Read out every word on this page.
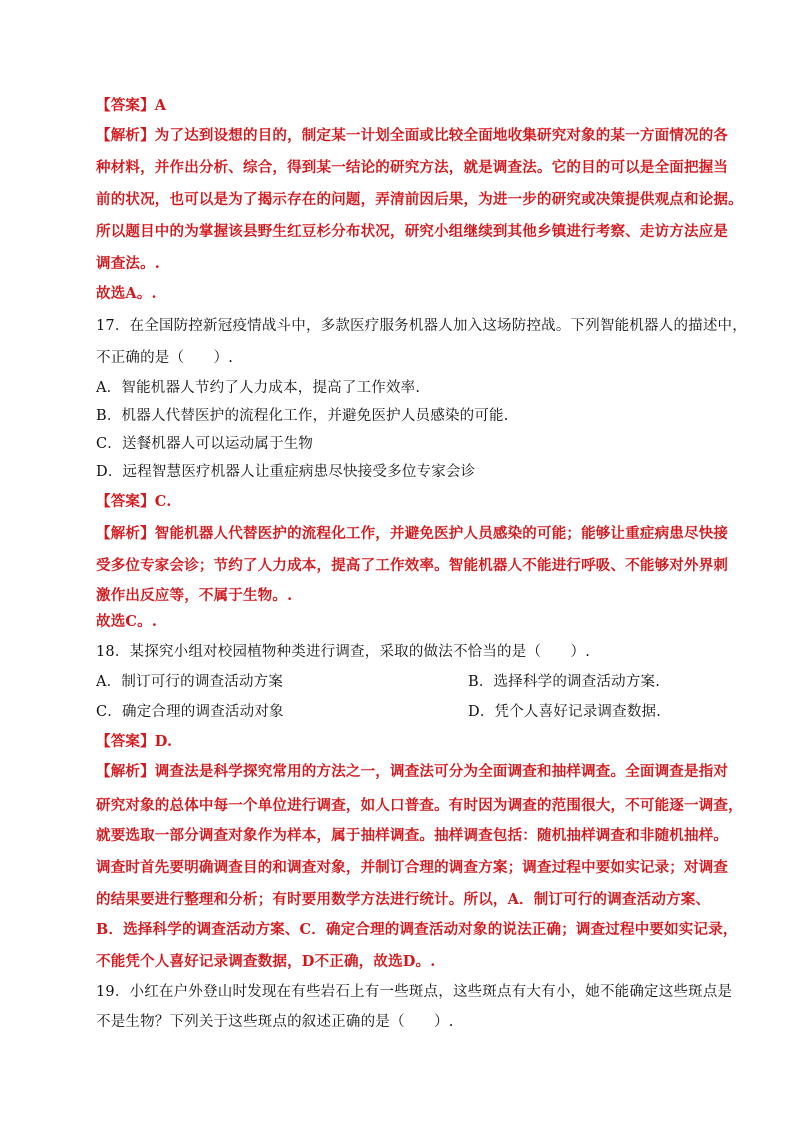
【答案】A
【解析】为了达到设想的目的，制定某一计划全面或比较全面地收集研究对象的某一方面情况的各
种材料，并作出分析、综合，得到某一结论的研究方法，就是调查法。它的目的可以是全面把握当
前的状况，也可以是为了揭示存在的问题，弄清前因后果，为进一步的研究或决策提供观点和论据。
所以题目中的为掌握该县野生红豆杉分布状况，研究小组继续到其他乡镇进行考察、走访方法应是
调查法。.
故选A。.
17．在全国防控新冠疫情战斗中，多款医疗服务机器人加入这场防控战。下列智能机器人的描述中，
不正确的是（　　）.
A．智能机器人节约了人力成本，提高了工作效率.
B．机器人代替医护的流程化工作，并避免医护人员感染的可能.
C．送餐机器人可以运动属于生物
D．远程智慧医疗机器人让重症病患尽快接受多位专家会诊
【答案】C.
【解析】智能机器人代替医护的流程化工作，并避免医护人员感染的可能；能够让重症病患尽快接
受多位专家会诊；节约了人力成本，提高了工作效率。智能机器人不能进行呼吸、不能够对外界刺
激作出反应等，不属于生物。.
故选C。.
18．某探究小组对校园植物种类进行调查，采取的做法不恰当的是（　　）.
A．制订可行的调查活动方案	B．选择科学的调查活动方案.
C．确定合理的调查活动对象	D．凭个人喜好记录调查数据.
【答案】D.
【解析】调查法是科学探究常用的方法之一，调查法可分为全面调查和抽样调查。全面调查是指对
研究对象的总体中每一个单位进行调查，如人口普查。有时因为调查的范围很大，不可能逐一调查，
就要选取一部分调查对象作为样本，属于抽样调查。抽样调查包括：随机抽样调查和非随机抽样。
调查时首先要明确调查目的和调查对象，并制订合理的调查方案；调查过程中要如实记录；对调查
的结果要进行整理和分析；有时要用数学方法进行统计。所以，A．制订可行的调查活动方案、
B．选择科学的调查活动方案、C．确定合理的调查活动对象的说法正确；调查过程中要如实记录，
不能凭个人喜好记录调查数据，D不正确，故选D。.
19．小红在户外登山时发现在有些岩石上有一些斑点，这些斑点有大有小，她不能确定这些斑点是
不是生物？下列关于这些斑点的叙述正确的是（　　）.
